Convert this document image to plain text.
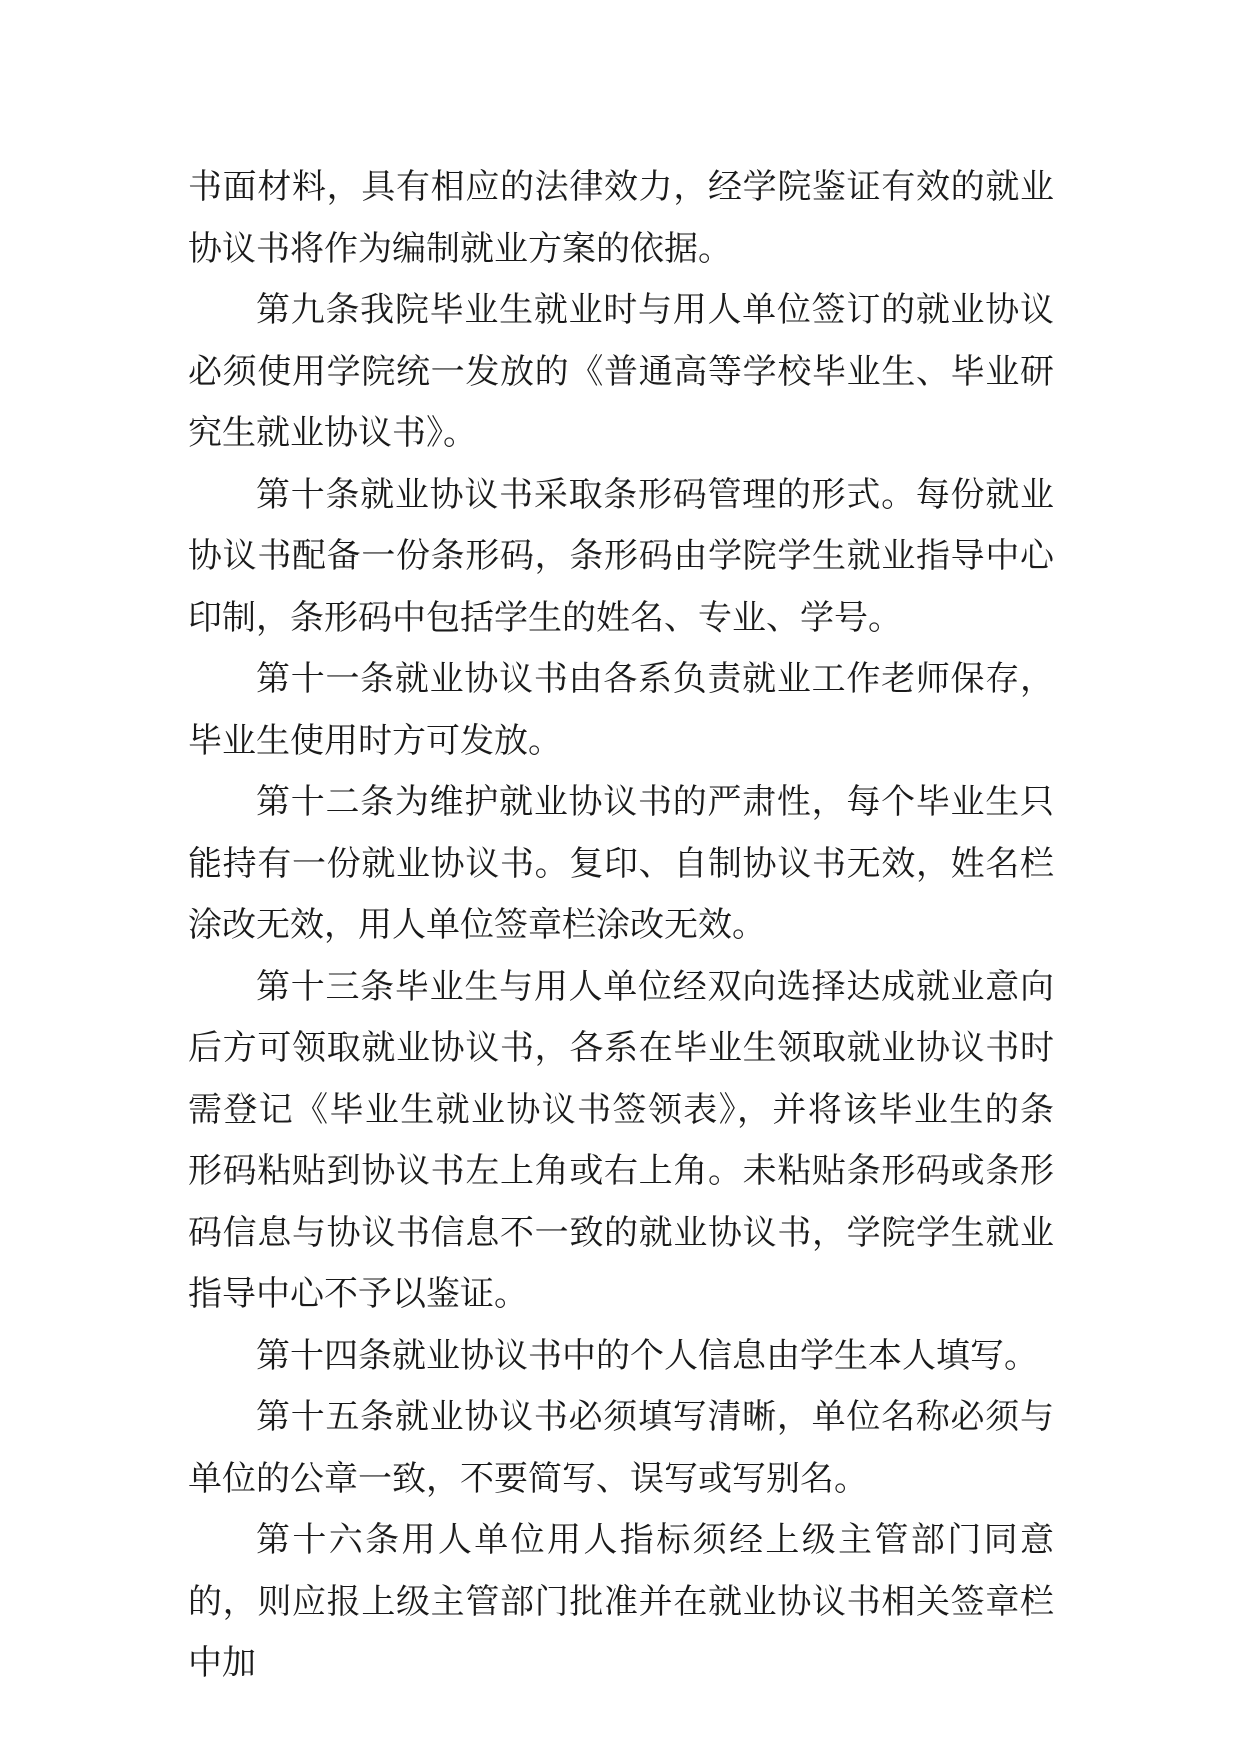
书面材料，具有相应的法律效力，经学院鉴证有效的就业协议书将作为编制就业方案的依据。

第九条我院毕业生就业时与用人单位签订的就业协议必须使用学院统一发放的《普通高等学校毕业生、毕业研究生就业协议书》。

第十条就业协议书采取条形码管理的形式。每份就业协议书配备一份条形码，条形码由学院学生就业指导中心印制，条形码中包括学生的姓名、专业、学号。

第十一条就业协议书由各系负责就业工作老师保存，毕业生使用时方可发放。

第十二条为维护就业协议书的严肃性，每个毕业生只能持有一份就业协议书。复印、自制协议书无效，姓名栏涂改无效，用人单位签章栏涂改无效。

第十三条毕业生与用人单位经双向选择达成就业意向后方可领取就业协议书，各系在毕业生领取就业协议书时需登记《毕业生就业协议书签领表》，并将该毕业生的条形码粘贴到协议书左上角或右上角。未粘贴条形码或条形码信息与协议书信息不一致的就业协议书，学院学生就业指导中心不予以鉴证。

第十四条就业协议书中的个人信息由学生本人填写。

第十五条就业协议书必须填写清晰，单位名称必须与单位的公章一致，不要简写、误写或写别名。

第十六条用人单位用人指标须经上级主管部门同意的，则应报上级主管部门批准并在就业协议书相关签章栏中加
